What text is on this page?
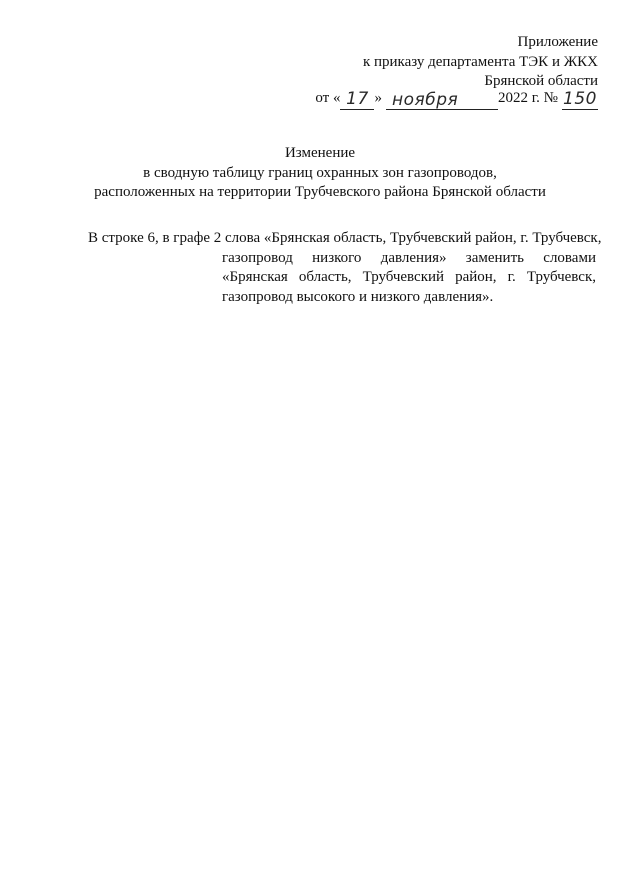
Приложение
к приказу департамента ТЭК и ЖКХ
Брянской области
от « 17 » ноября	2022 г. № 150
Изменение
в сводную таблицу границ охранных зон газопроводов,
расположенных на территории Трубчевского района Брянской области
В строке 6, в графе 2 слова «Брянская область, Трубчевский район, г. Трубчевск,
газопровод низкого давления» заменить словами
«Брянская область, Трубчевский район, г. Трубчевск,
газопровод высокого и низкого давления».
